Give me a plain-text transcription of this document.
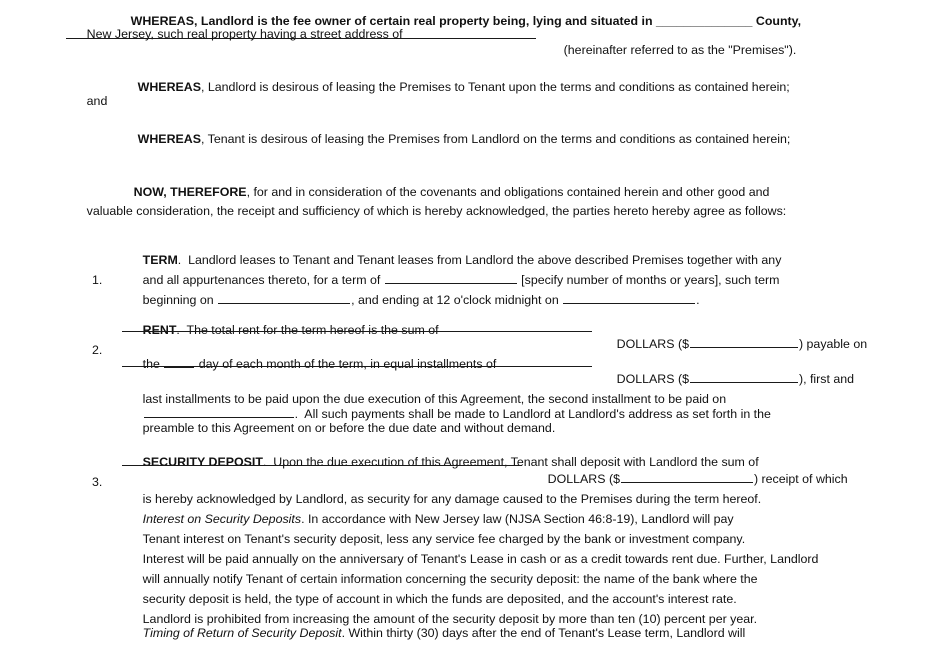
WHEREAS, Landlord is the fee owner of certain real property being, lying and situated in ______________ County,

New Jersey, such real property having a street address of

(hereinafter referred to as the "Premises").

WHEREAS, Landlord is desirous of leasing the Premises to Tenant upon the terms and conditions as contained herein;

and

WHEREAS, Tenant is desirous of leasing the Premises from Landlord on the terms and conditions as contained herein;

NOW, THEREFORE, for and in consideration of the covenants and obligations contained herein and other good and

valuable consideration, the receipt and sufficiency of which is hereby acknowledged, the parties hereto hereby agree as follows:

1.

TERM.  Landlord leases to Tenant and Tenant leases from Landlord the above described Premises together with any

and all appurtenances thereto, for a term of	[specify number of months or years], such term

beginning on	, and ending at 12 o'clock midnight on	.

2.

RENT.  The total rent for the term hereof is the sum of

DOLLARS ($	) payable on

the	day of each month of the term, in equal installments of

DOLLARS ($	), first and

last installments to be paid upon the due execution of this Agreement, the second installment to be paid on

.  All such payments shall be made to Landlord at Landlord's address as set forth in the

preamble to this Agreement on or before the due date and without demand.

3.

SECURITY DEPOSIT.  Upon the due execution of this Agreement, Tenant shall deposit with Landlord the sum of

DOLLARS ($	) receipt of which

is hereby acknowledged by Landlord, as security for any damage caused to the Premises during the term hereof.

Interest on Security Deposits. In accordance with New Jersey law (NJSA Section 46:8-19), Landlord will pay

Tenant interest on Tenant's security deposit, less any service fee charged by the bank or investment company.

Interest will be paid annually on the anniversary of Tenant's Lease in cash or as a credit towards rent due. Further, Landlord

will annually notify Tenant of certain information concerning the security deposit: the name of the bank where the

security deposit is held, the type of account in which the funds are deposited, and the account's interest rate.

Landlord is prohibited from increasing the amount of the security deposit by more than ten (10) percent per year.

Timing of Return of Security Deposit. Within thirty (30) days after the end of Tenant's Lease term, Landlord will
